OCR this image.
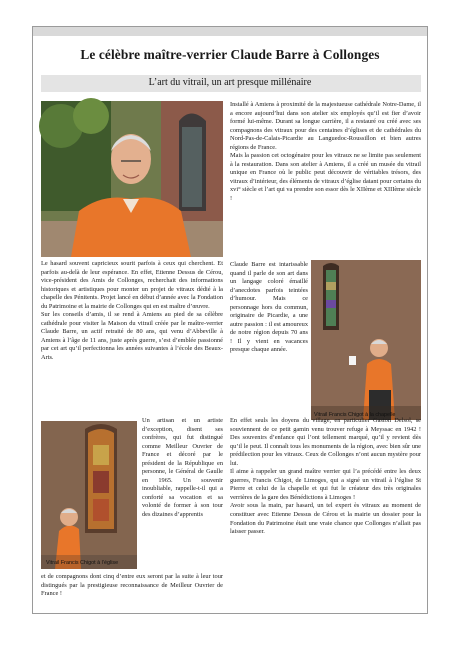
Le célèbre maître-verrier Claude Barre à Collonges
L’art du vitrail, un art presque millénaire

Le hasard souvent capricieux sourit parfois à ceux qui cherchent. Et parfois au-delà de leur espérance. En effet, Etienne Dessus de Cérou, vice-président des Amis de Collonges, recherchait des informations historiques et artistiques pour monter un projet de vitraux dédié à la chapelle des Pénitents. Projet lancé en début d’année avec la Fondation du Patrimoine et la mairie de Collonges qui en est maître d’œuvre.

Sur les conseils d’amis, il se rend à Amiens au pied de sa célèbre cathédrale pour visiter la Maison du vitrail créée par le maître-verrier Claude Barre, un actif retraité de 80 ans, qui venu d’Abbeville à Amiens à l’âge de 11 ans, juste après guerre, s’est d’emblée passionné par cet art qu’il perfectionna les années suivantes à l’école des Beaux-Arts.

Vitrail Francis Chigot à l’église

Un artisan et un artiste d’exception, disent ses confrères, qui fut distingué comme Meilleur Ouvrier de France et décoré par le président de la République en personne, le Général de Gaulle en 1965. Un souvenir inoubliable, rappelle-t-il qui a conforté sa vocation et sa volonté de former à son tour des dizaines d’apprentis

et de compagnons dont cinq d’entre eux seront par la suite à leur tour distingués par la prestigieuse reconnaissance de Meilleur Ouvrier de France !

Installé à Amiens à proximité de la majestueuse cathédrale Notre-Dame, il a encore aujourd’hui dans son atelier six employés qu’il est fier d’avoir formé lui-même. Durant sa longue carrière, il a restauré ou créé avec ses compagnons des vitraux pour des centaines d’églises et de cathédrales du Nord-Pas-de-Calais-Picardie au Languedoc-Roussillon et bien autres régions de France.

Mais la passion cet octogénaire pour les vitraux ne se limite pas seulement à la restauration. Dans son atelier à Amiens, il a créé un musée du vitrail unique en France où le public peut découvrir de véritables trésors, des vitraux d’intérieur, des éléments de vitraux d’église datant pour certains du xvi° siècle et l’art qui va prendre son essor dès le XIIème et XIIIème siècle !

Claude Barre est intarissable quand il parle de son art dans un langage coloré émaillé d’anecdotes parfois teintées d’humour. Mais ce personnage hors du commun, originaire de Picardie, a une autre passion : il est amoureux de notre région depuis 70 ans ! Il y vient en vacances presque chaque année.

Vitrail Francis Chigot à la chapelle

En effet seuls les doyens du village, en particulier Gaston Delsol, se souviennent de ce petit gamin venu trouver refuge à Meyssac en 1942 ! Des souvenirs d’enfance qui l’ont tellement marqué, qu’il y revient dès qu’il le peut. Il connaît tous les monuments de la région, avec bien sûr une prédilection pour les vitraux. Ceux de Collonges n’ont aucun mystère pour lui.

Il aime à rappeler un grand maître verrier qui l’a précédé entre les deux guerres, Francis Chigot, de Limoges, qui a signé un vitrail à l’église St Pierre et celui de la chapelle et qui fut le créateur des très originales verrières de la gare des Bénédictions à Limoges !

Avoir sous la main, par hasard, un tel expert ès vitraux au moment de constituer avec Etienne Dessus de Cérou et la mairie un dossier pour la Fondation du Patrimoine était une vraie chance que Collonges n’allait pas laisser passer.
